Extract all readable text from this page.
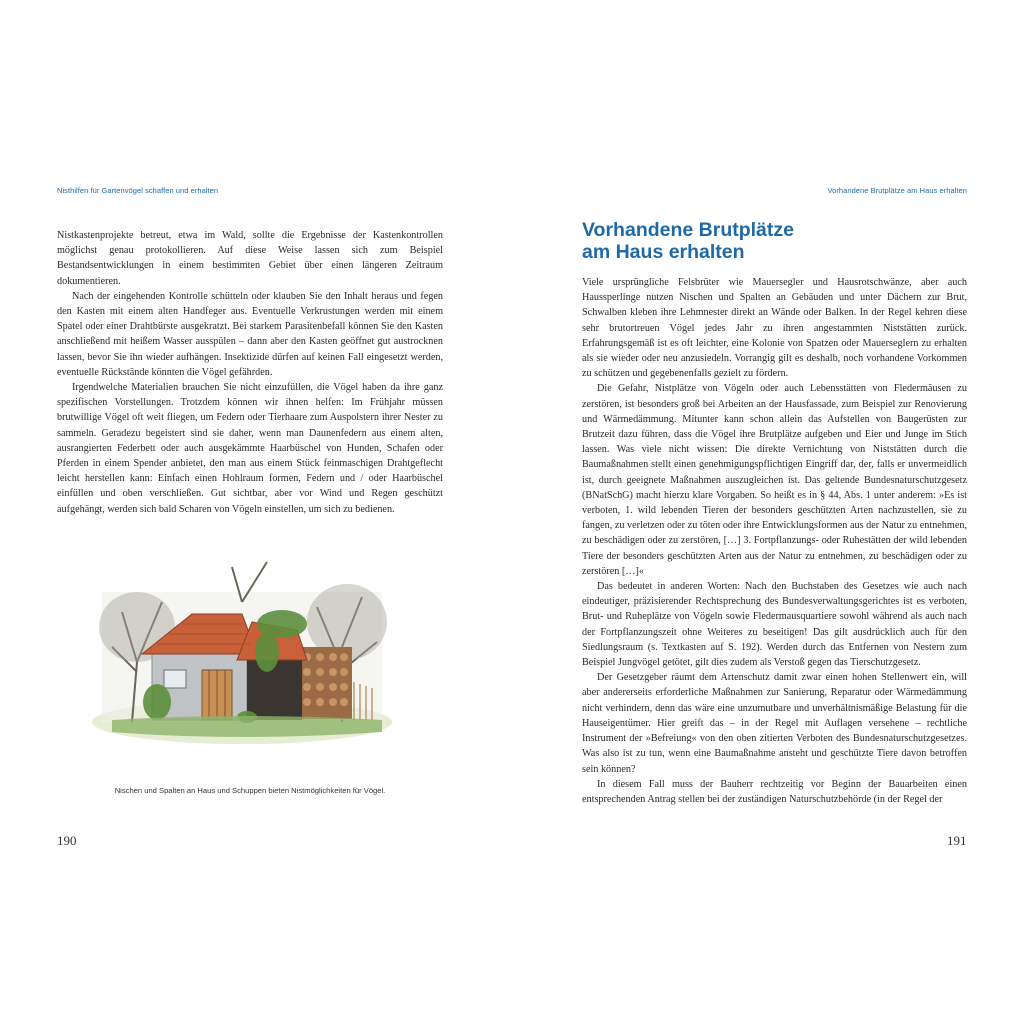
Nisthilfen für Gartenvögel schaffen und erhalten

Nistkastenprojekte betreut, etwa im Wald, sollte die Ergebnisse der Kastenkontrollen möglichst genau protokollieren. Auf diese Weise lassen sich zum Beispiel Bestandsentwicklungen in einem bestimmten Gebiet über einen längeren Zeitraum dokumentieren.

Nach der eingehenden Kontrolle schütteln oder klauben Sie den Inhalt heraus und fegen den Kasten mit einem alten Handfeger aus. Eventuelle Verkrustungen werden mit einem Spatel oder einer Drahtbürste ausgekratzt. Bei starkem Parasitenbefall können Sie den Kasten anschließend mit heißem Wasser ausspülen – dann aber den Kasten geöffnet gut austrocknen lassen, bevor Sie ihn wieder aufhängen. Insektizide dürfen auf keinen Fall eingesetzt werden, eventuelle Rückstände könnten die Vögel gefährden.

Irgendwelche Materialien brauchen Sie nicht einzufüllen, die Vögel haben da ihre ganz spezifischen Vorstellungen. Trotzdem können wir ihnen helfen: Im Frühjahr müssen brutwillige Vögel oft weit fliegen, um Federn oder Tierhaare zum Auspolstern ihrer Nester zu sammeln. Geradezu begeistert sind sie daher, wenn man Daunenfedern aus einem alten, ausrangierten Federbett oder auch ausgekämmte Haarbüschel von Hunden, Schafen oder Pferden in einem Spender anbietet, den man aus einem Stück feinmaschigen Drahtgeflecht leicht herstellen kann: Einfach einen Hohlraum formen, Federn und / oder Haarbüschel einfüllen und oben verschließen. Gut sichtbar, aber vor Wind und Regen geschützt aufgehängt, werden sich bald Scharen von Vögeln einstellen, um sich zu bedienen.

Nischen und Spalten an Haus und Schuppen bieten Nistmöglichkeiten für Vögel.
190
Vorhandene Brutplätze am Haus erhalten
Vorhandene Brutplätze
am Haus erhalten

Viele ursprüngliche Felsbrüter wie Mauersegler und Hausrotschwänze, aber auch Haussperlinge nutzen Nischen und Spalten an Gebäuden und unter Dächern zur Brut, Schwalben kleben ihre Lehmnester direkt an Wände oder Balken. In der Regel kehren diese sehr brutortreuen Vögel jedes Jahr zu ihren angestammten Niststätten zurück. Erfahrungsgemäß ist es oft leichter, eine Kolonie von Spatzen oder Mauerseglern zu erhalten als sie wieder oder neu anzusiedeln. Vorrangig gilt es deshalb, noch vorhandene Vorkommen zu schützen und gegebenenfalls gezielt zu fördern.

Die Gefahr, Nistplätze von Vögeln oder auch Lebensstätten von Fledermäusen zu zerstören, ist besonders groß bei Arbeiten an der Hausfassade, zum Beispiel zur Renovierung und Wärmedämmung. Mitunter kann schon allein das Aufstellen von Baugerüsten zur Brutzeit dazu führen, dass die Vögel ihre Brutplätze aufgeben und Eier und Junge im Stich lassen. Was viele nicht wissen: Die direkte Vernichtung von Niststätten durch die Baumaßnahmen stellt einen genehmigungspflichtigen Eingriff dar, der, falls er unvermeidlich ist, durch geeignete Maßnahmen auszugleichen ist. Das geltende Bundesnaturschutzgesetz (BNatSchG) macht hierzu klare Vorgaben. So heißt es in § 44, Abs. 1 unter anderem: »Es ist verboten, 1. wild lebenden Tieren der besonders geschützten Arten nachzustellen, sie zu fangen, zu verletzen oder zu töten oder ihre Entwicklungsformen aus der Natur zu entnehmen, zu beschädigen oder zu zerstören, […] 3. Fortpflanzungs- oder Ruhestätten der wild lebenden Tiere der besonders geschützten Arten aus der Natur zu entnehmen, zu beschädigen oder zu zerstören […]«

Das bedeutet in anderen Worten: Nach den Buchstaben des Gesetzes wie auch nach eindeutiger, präzisierender Rechtsprechung des Bundesverwaltungsgerichtes ist es verboten, Brut- und Ruheplätze von Vögeln sowie Fledermausquartiere sowohl während als auch nach der Fortpflanzungszeit ohne Weiteres zu beseitigen! Das gilt ausdrücklich auch für den Siedlungsraum (s. Textkasten auf S. 192). Werden durch das Entfernen von Nestern zum Beispiel Jungvögel getötet, gilt dies zudem als Verstoß gegen das Tierschutzgesetz.

Der Gesetzgeber räumt dem Artenschutz damit zwar einen hohen Stellenwert ein, will aber andererseits erforderliche Maßnahmen zur Sanierung, Reparatur oder Wärmedämmung nicht verhindern, denn das wäre eine unzumutbare und unverhältnismäßige Belastung für die Hauseigentümer. Hier greift das – in der Regel mit Auflagen versehene – rechtliche Instrument der »Befreiung« von den oben zitierten Verboten des Bundesnaturschutzgesetzes. Was also ist zu tun, wenn eine Baumaßnahme ansteht und geschützte Tiere davon betroffen sein können?

In diesem Fall muss der Bauherr rechtzeitig vor Beginn der Bauarbeiten einen entsprechenden Antrag stellen bei der zuständigen Naturschutzbehörde (in der Regel der

191
